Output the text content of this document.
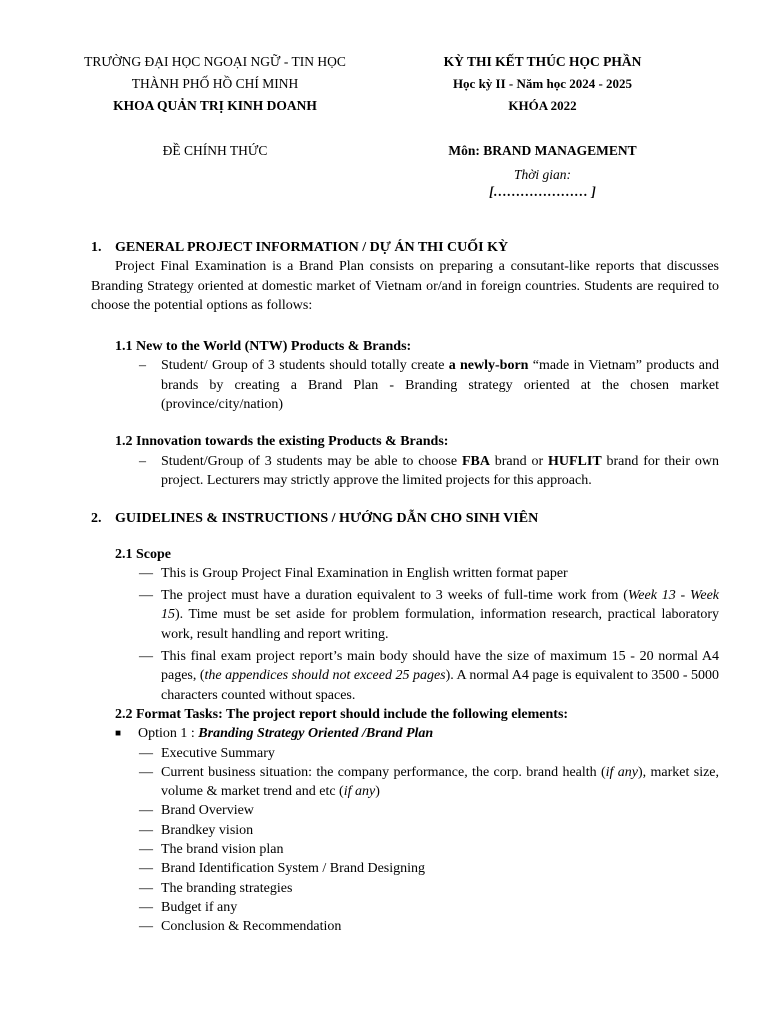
TRƯỜNG ĐẠI HỌC NGOẠI NGỮ - TIN HỌC
THÀNH PHỐ HỒ CHÍ MINH
KHOA QUẢN TRỊ KINH DOANH
KỲ THI KẾT THÚC HỌC PHẦN
Học kỳ II - Năm học 2024 - 2025
KHÓA 2022
ĐỀ CHÍNH THỨC	Môn: BRAND MANAGEMENT
Thời gian:
[………………… ]

1. GENERAL PROJECT INFORMATION / DỰ ÁN THI CUỐI KỲ

Project Final Examination is a Brand Plan consists on preparing a consutant-like reports that discusses Branding Strategy oriented at domestic market of Vietnam or/and in foreign countries. Students are required to choose the potential options as follows:

1.1 New to the World (NTW) Products & Brands:

– Student/ Group of 3 students should totally create a newly-born “made in Vietnam” products and brands by creating a Brand Plan - Branding strategy oriented at the chosen market (province/city/nation)

1.2 Innovation towards the existing Products & Brands:

– Student/Group of 3 students may be able to choose FBA brand or HUFLIT brand for their own project. Lecturers may strictly approve the limited projects for this approach.

2. GUIDELINES & INSTRUCTIONS / HƯỚNG DẪN CHO SINH VIÊN

2.1 Scope

— This is Group Project Final Examination in English written format paper
— The project must have a duration equivalent to 3 weeks of full-time work from (Week 13 - Week 15). Time must be set aside for problem formulation, information research, practical laboratory work, result handling and report writing.
— This final exam project report’s main body should have the size of maximum 15 - 20 normal A4 pages, (the appendices should not exceed 25 pages). A normal A4 page is equivalent to 3500 - 5000 characters counted without spaces.

2.2 Format Tasks: The project report should include the following elements:

■ Option 1 : Branding Strategy Oriented /Brand Plan

— Executive Summary
— Current business situation: the company performance, the corp. brand health (if any), market size, volume & market trend and etc (if any)
— Brand Overview
— Brandkey vision
— The brand vision plan
— Brand Identification System / Brand Designing
— The branding strategies
— Budget if any
— Conclusion & Recommendation
